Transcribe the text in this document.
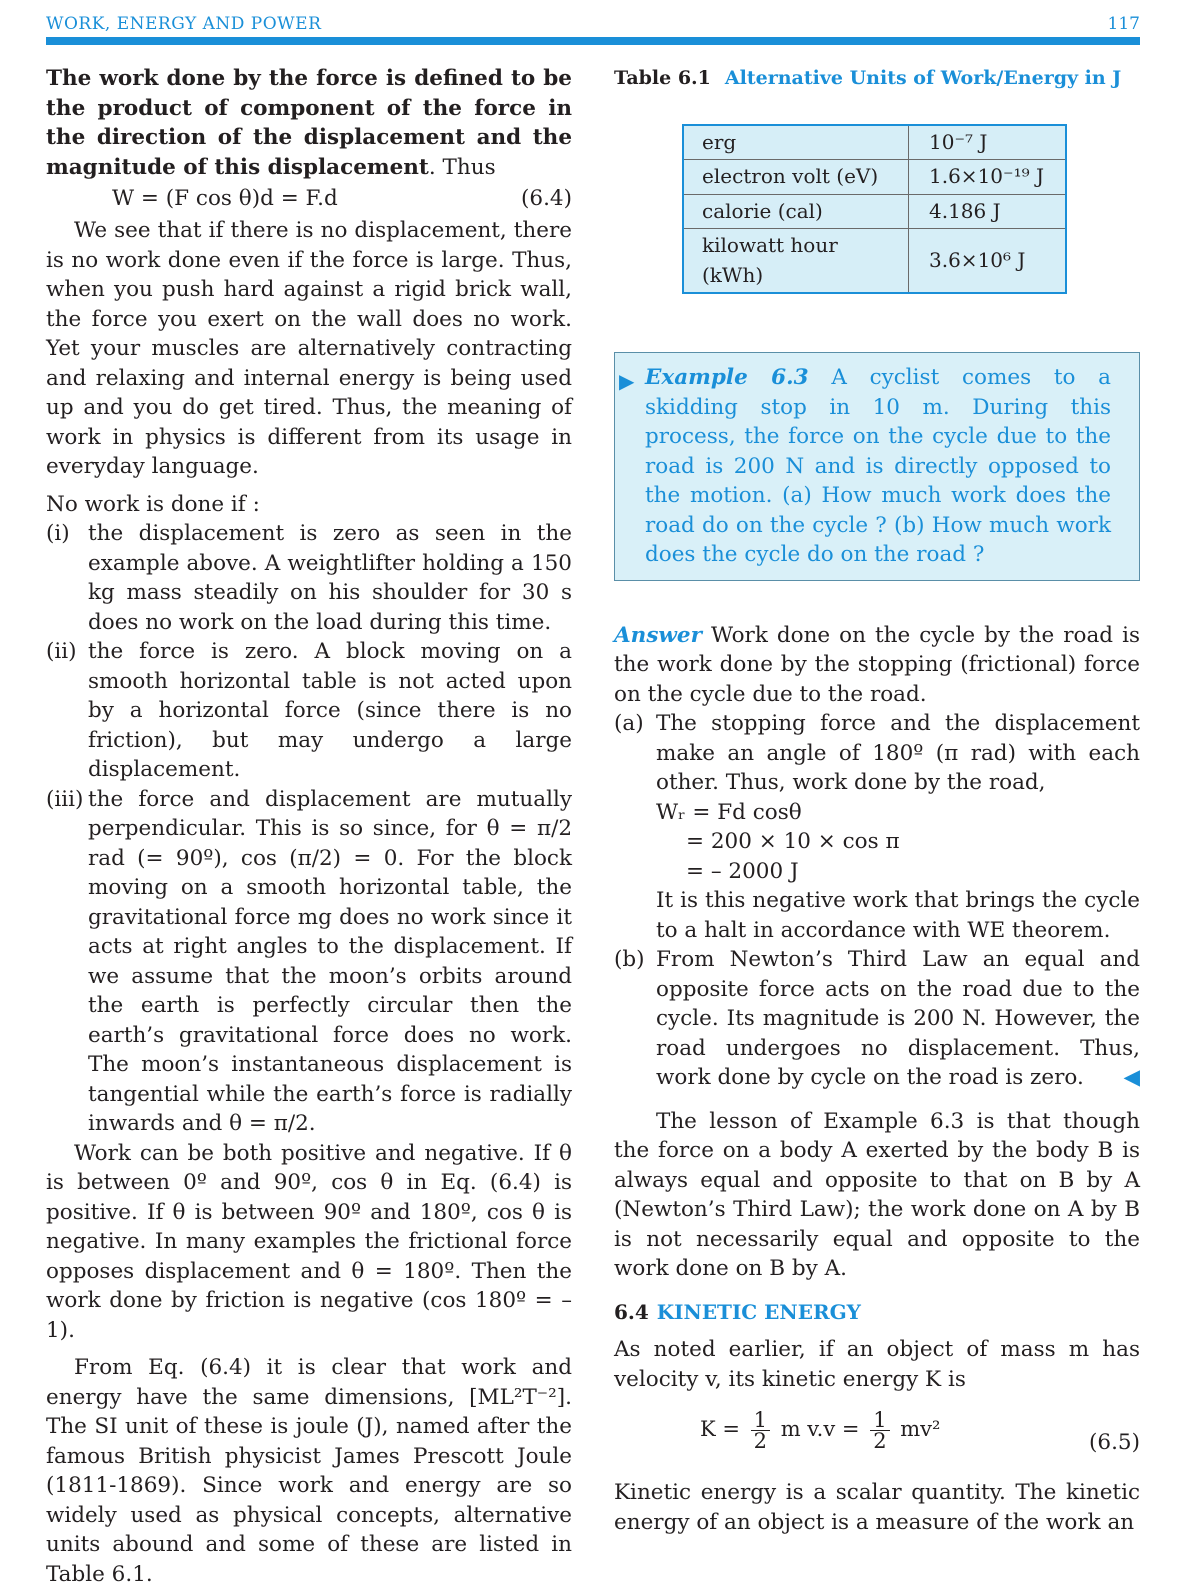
WORK, ENERGY AND POWER	117

The work done by the force is defined to be the product of component of the force in the direction of the displacement and the magnitude of this displacement. Thus

W = (F cos θ)d = F.d	(6.4)

We see that if there is no displacement, there is no work done even if the force is large. Thus, when you push hard against a rigid brick wall, the force you exert on the wall does no work. Yet your muscles are alternatively contracting and relaxing and internal energy is being used up and you do get tired. Thus, the meaning of work in physics is different from its usage in everyday language.

No work is done if :

(i) the displacement is zero as seen in the example above. A weightlifter holding a 150 kg mass steadily on his shoulder for 30 s does no work on the load during this time.
(ii) the force is zero. A block moving on a smooth horizontal table is not acted upon by a horizontal force (since there is no friction), but may undergo a large displacement.
(iii) the force and displacement are mutually perpendicular. This is so since, for θ = π/2 rad (= 90º), cos (π/2) = 0. For the block moving on a smooth horizontal table, the gravitational force mg does no work since it acts at right angles to the displacement. If we assume that the moon’s orbits around the earth is perfectly circular then the earth’s gravitational force does no work. The moon’s instantaneous displacement is tangential while the earth’s force is radially inwards and θ = π/2.

Work can be both positive and negative. If θ is between 0º and 90º, cos θ in Eq. (6.4) is positive. If θ is between 90º and 180º, cos θ is negative. In many examples the frictional force opposes displacement and θ = 180º. Then the work done by friction is negative (cos 180º = –1).

From Eq. (6.4) it is clear that work and energy have the same dimensions, [ML²T⁻²]. The SI unit of these is joule (J), named after the famous British physicist James Prescott Joule (1811-1869). Since work and energy are so widely used as physical concepts, alternative units abound and some of these are listed in Table 6.1.

Table 6.1 Alternative Units of Work/Energy in J

erg	10⁻⁷ J
electron volt (eV)	1.6×10⁻¹⁹ J
calorie (cal)	4.186 J
kilowatt hour (kWh)	3.6×10⁶ J
▶ Example 6.3 A cyclist comes to a skidding stop in 10 m. During this process, the force on the cycle due to the road is 200 N and is directly opposed to the motion. (a) How much work does the road do on the cycle ? (b) How much work does the cycle do on the road ?

Answer Work done on the cycle by the road is the work done by the stopping (frictional) force on the cycle due to the road.

(a) The stopping force and the displacement make an angle of 180º (π rad) with each other. Thus, work done by the road,

Wᵣ = Fd cosθ
= 200 × 10 × cos π
= – 2000 J

It is this negative work that brings the cycle to a halt in accordance with WE theorem.

(b) From Newton’s Third Law an equal and opposite force acts on the road due to the cycle. Its magnitude is 200 N. However, the road undergoes no displacement. Thus, work done by cycle on the road is zero. ◀

The lesson of Example 6.3 is that though the force on a body A exerted by the body B is always equal and opposite to that on B by A (Newton’s Third Law); the work done on A by B is not necessarily equal and opposite to the work done on B by A.

6.4 KINETIC ENERGY

As noted earlier, if an object of mass m has velocity v, its kinetic energy K is

$K = \frac{1}{2}$ m $v.v = \frac{1}{2} mv^2$
(6.5)

Kinetic energy is a scalar quantity. The kinetic energy of an object is a measure of the work an
